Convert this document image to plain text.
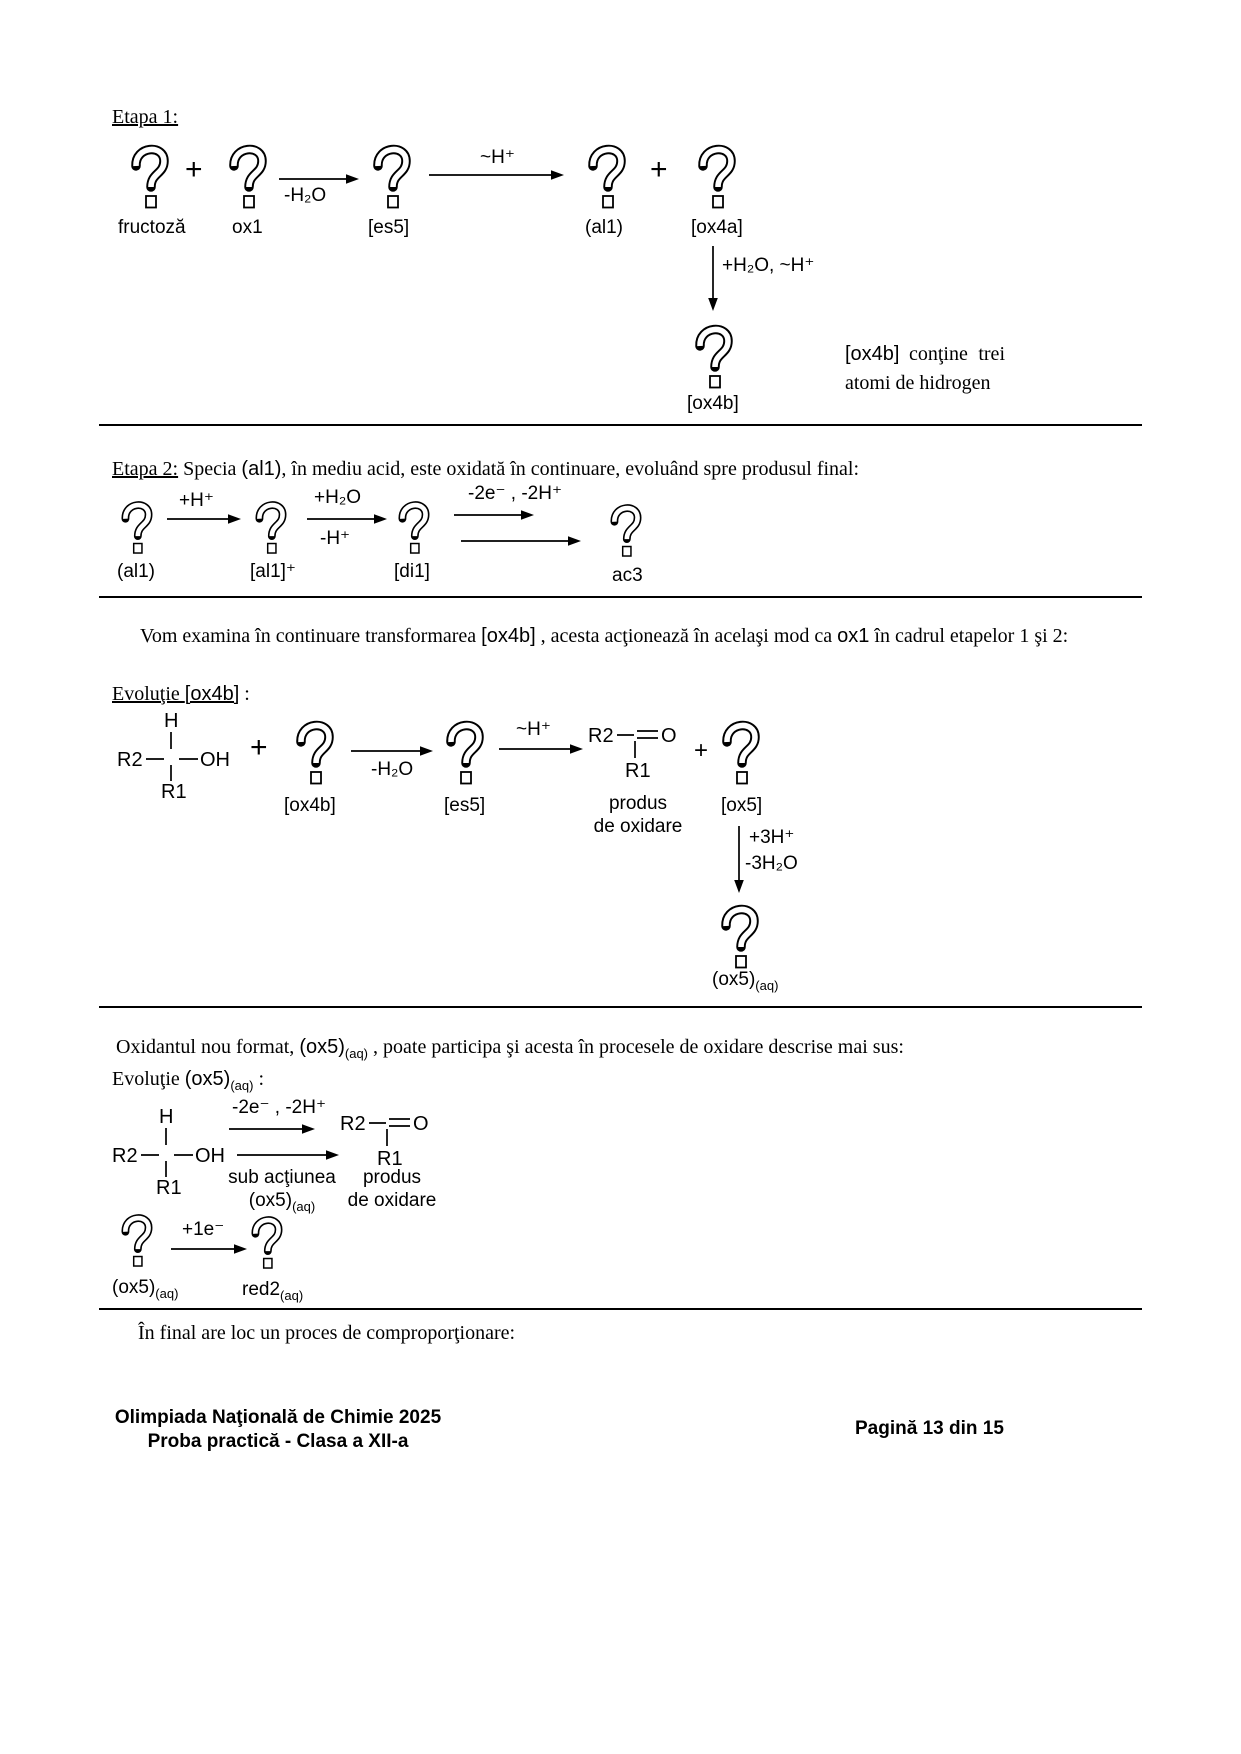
Etapa 1:
+
-H₂O
~H⁺	+
fructoză ox1	[es5]	(al1)	[ox4a]
+H₂O, ~H⁺
[ox4b]
[ox4b] conţine trei atomi de hidrogen
Etapa 2: Specia (al1), în mediu acid, este oxidată în continuare, evoluând spre produsul final:
+H⁺	+H₂O
-H⁺
-2e⁻ , -2H⁺
(al1)	[al1]⁺	[di1]	ac3
Vom examina în continuare transformarea [ox4b] , acesta acţionează în acelaşi mod ca ox1 în cadrul etapelor 1 şi 2:
Evoluţie [ox4b] :
+
[ox4b]
-H₂O
[es5]
~H⁺
produs
de oxidare
+
[ox5]
+3H⁺
-3H₂O
$(ox5)_{(aq)}$
Oxidantul nou format, $(ox5)_{(aq)}$ , poate participa şi acesta în procesele de oxidare descrise mai sus:
Evoluţie $(ox5)_{(aq)}$ :
-2e⁻ , -2H⁺
sub acţiunea
$(ox5)_{(aq)}$
produs
de oxidare
+1e⁻
$(ox5)_{(aq)}$	$red2_{(aq)}$
În final are loc un proces de comproporţionare:
Olimpiada Naţională de Chimie 2025
Proba practică - Clasa a XII-a
Pagină 13 din 15
